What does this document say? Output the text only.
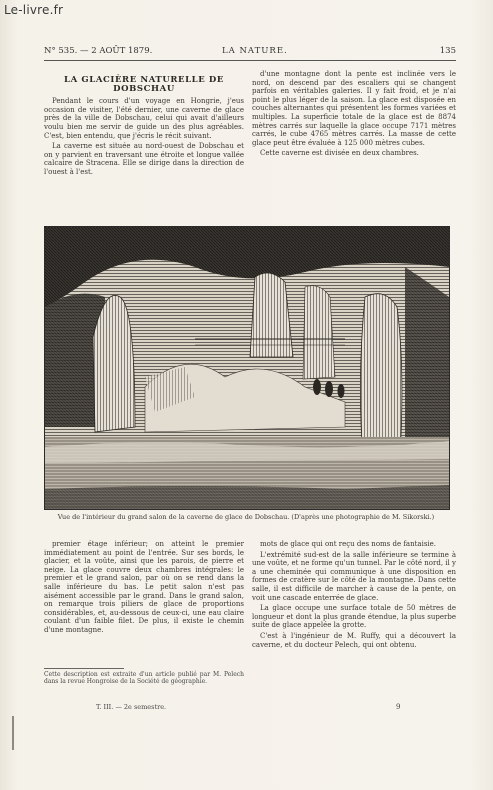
Le-livre.fr
N° 535. — 2 AOÛT 1879.	LA NATURE.	135
LA GLACIÈRE NATURELLE DE DOBSCHAU

Pendant le cours d'un voyage en Hongrie, j'eus occasion de visiter, l'été dernier, une caverne de glace près de la ville de Dobschau, celui qui avait d'ailleurs voulu bien me servir de guide un des plus agréables. C'est, bien entendu, que j'écris le récit suivant.

La caverne est située au nord-ouest de Dobschau et on y parvient en traversant une étroite et longue vallée calcaire de Stracena. Elle se dirige dans la direction de l'ouest à l'est.

d'une montagne dont la pente est inclinée vers le nord, on descend par des escaliers qui se changent parfois en véritables galeries. Il y fait froid, et je n'ai point le plus léger de la saison. La glace est disposée en couches alternantes qui présentent les formes variées et multiples. La superficie totale de la glace est de 8874 mètres carrés sur laquelle la glace occupe 7171 mètres carrés, le cube 4765 mètres carrés. La masse de cette glace peut être évaluée à 125 000 mètres cubes.

Cette caverne est divisée en deux chambres.

Vue de l'intérieur du grand salon de la caverne de glace de Dobschau. (D'après une photographie de M. Sikorski.)

premier étage inférieur; on atteint le premier immédiatement au point de l'entrée. Sur ses bords, le glacier, et la voûte, ainsi que les parois, de pierre et neige. La glace couvre deux chambres intégrales: le premier et le grand salon, par où on se rend dans la salle inférieure du bas. Le petit salon n'est pas aisément accessible par le grand. Dans le grand salon, on remarque trois piliers de glace de proportions considérables, et, au-dessous de ceux-ci, une eau claire coulant d'un faible filet. De plus, il existe le chemin d'une montagne.

Cette description est extraite d'un article publié par M. Pelech dans la revue Hongroise de la Société de géographie.

mots de glace qui ont reçu des noms de fantaisie.

L'extrémité sud-est de la salle inférieure se termine à une voûte, et ne forme qu'un tunnel. Par le côté nord, il y a une cheminée qui communique à une disposition en formes de cratère sur le côté de la montagne. Dans cette salle, il est difficile de marcher à cause de la pente, on voit une cascade enterrée de glace.

La glace occupe une surface totale de 50 mètres de longueur et dont la plus grande étendue, la plus superbe suite de glace appelée la grotte.

C'est à l'ingénieur de M. Ruffy, qui a découvert la caverne, et du docteur Pelech, qui ont obtenu.

T. III. — 2e semestre.	9
